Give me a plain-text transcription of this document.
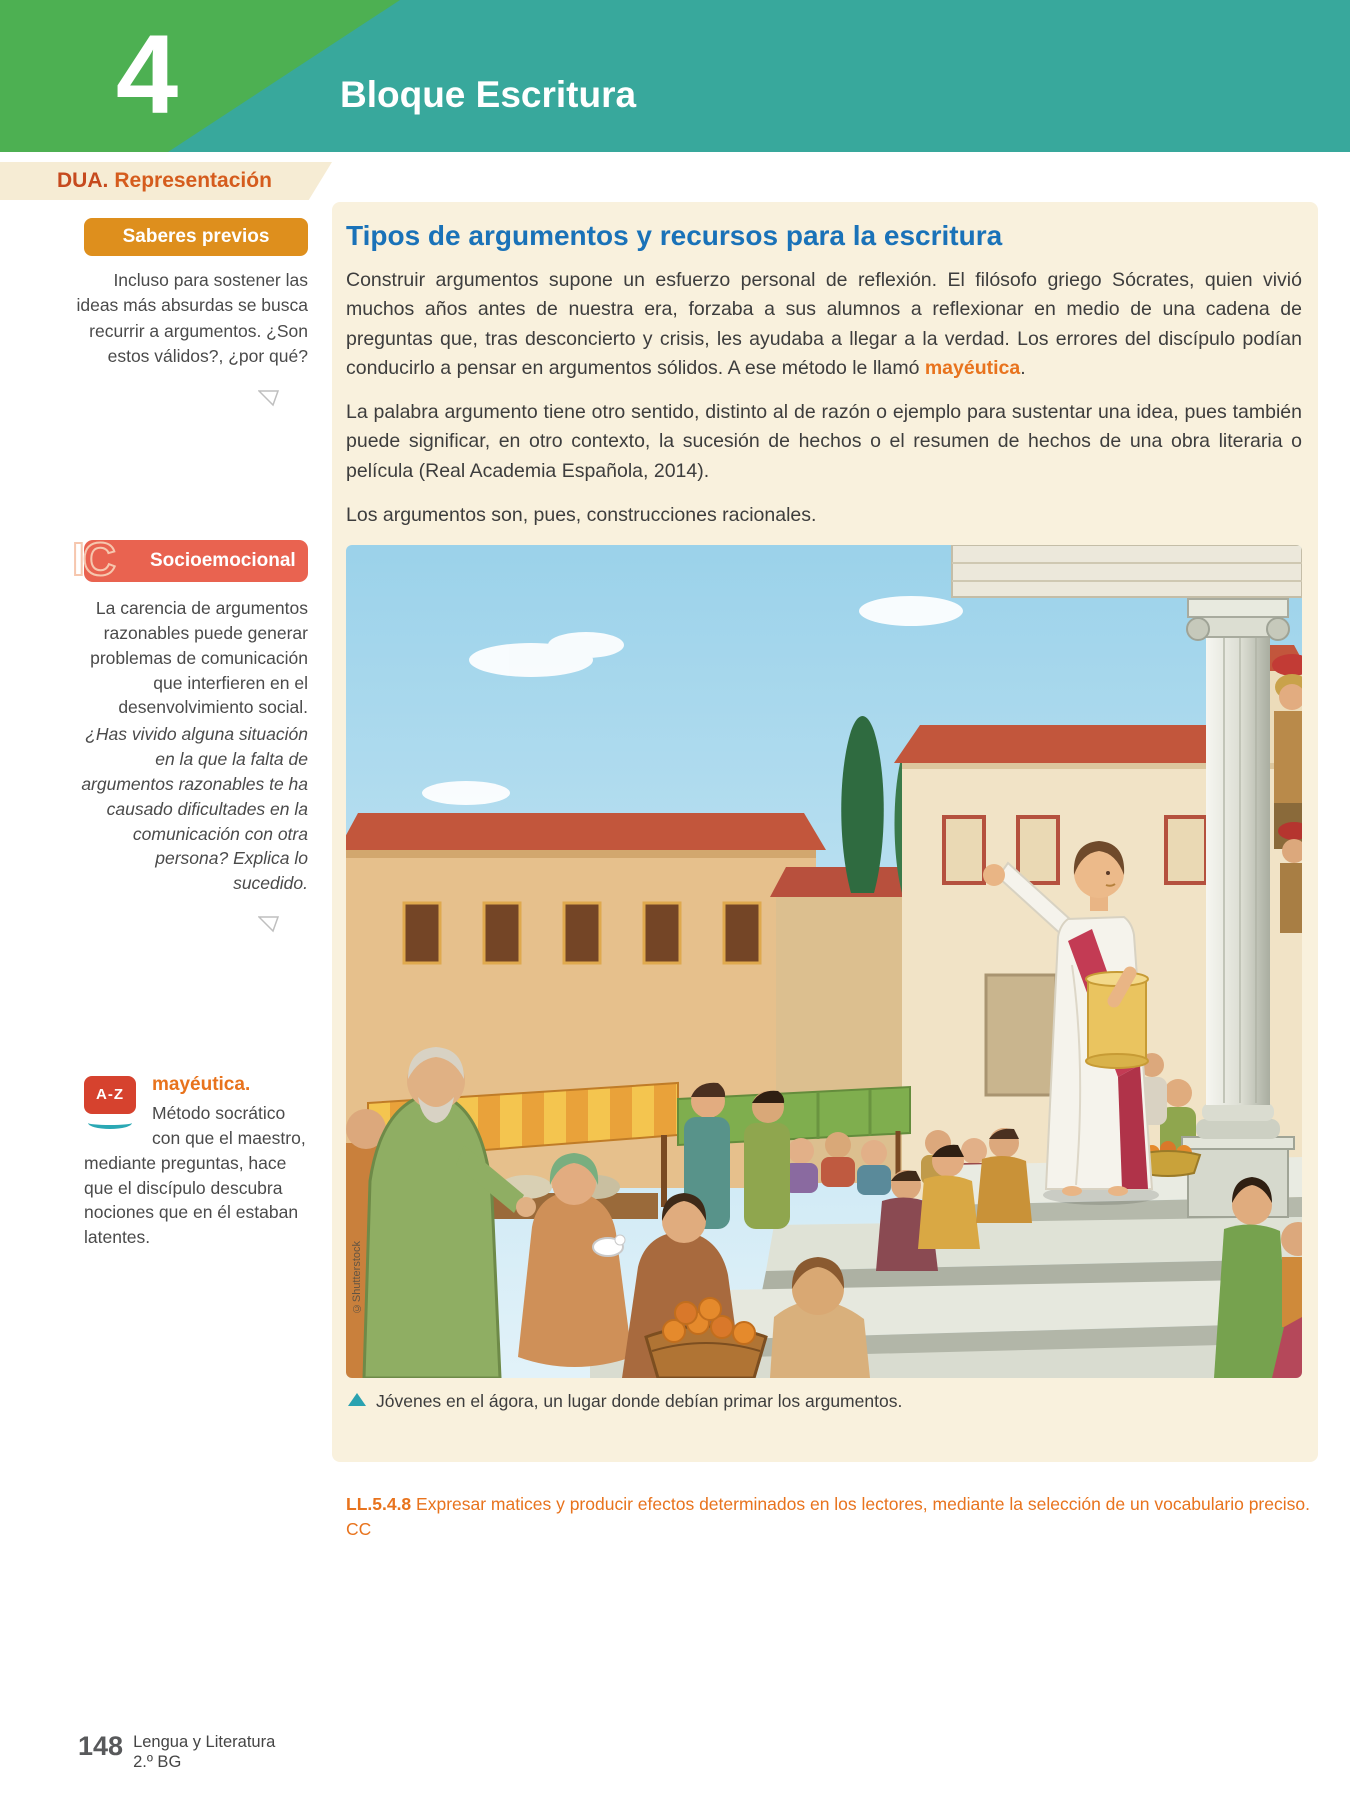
4	Bloque Escritura
DUA. Representación
Saberes previos
Incluso para sostener las ideas más absurdas se busca recurrir a argumentos. ¿Son estos válidos?, ¿por qué?
IC	Socioemocional
La carencia de argumentos razonables puede generar problemas de comunicación que interfieren en el desenvolvimiento social.
¿Has vivido alguna situación en la que la falta de argumentos razonables te ha causado dificultades en la comunicación con otra persona? Explica lo sucedido.
A-Z	mayéutica.
Método socrático con que el maestro, mediante preguntas, hace que el discípulo descubra nociones que en él estaban latentes.
148 Lengua y Literatura
2.º BG
Tipos de argumentos y recursos para la escritura

Construir argumentos supone un esfuerzo personal de reflexión. El filósofo griego Sócrates, quien vivió muchos años antes de nuestra era, forzaba a sus alumnos a reflexionar en medio de una cadena de preguntas que, tras desconcierto y crisis, les ayudaba a llegar a la verdad. Los errores del discípulo podían conducirlo a pensar en argumentos sólidos. A ese método le llamó mayéutica.

La palabra argumento tiene otro sentido, distinto al de razón o ejemplo para sustentar una idea, pues también puede significar, en otro contexto, la sucesión de hechos o el resumen de hechos de una obra literaria o película (Real Academia Española, 2014).

Los argumentos son, pues, construcciones racionales.

©Shutterstock
Jóvenes en el ágora, un lugar donde debían primar los argumentos.
LL.5.4.8 Expresar matices y producir efectos determinados en los lectores, mediante la selección de un vocabulario preciso. CC
